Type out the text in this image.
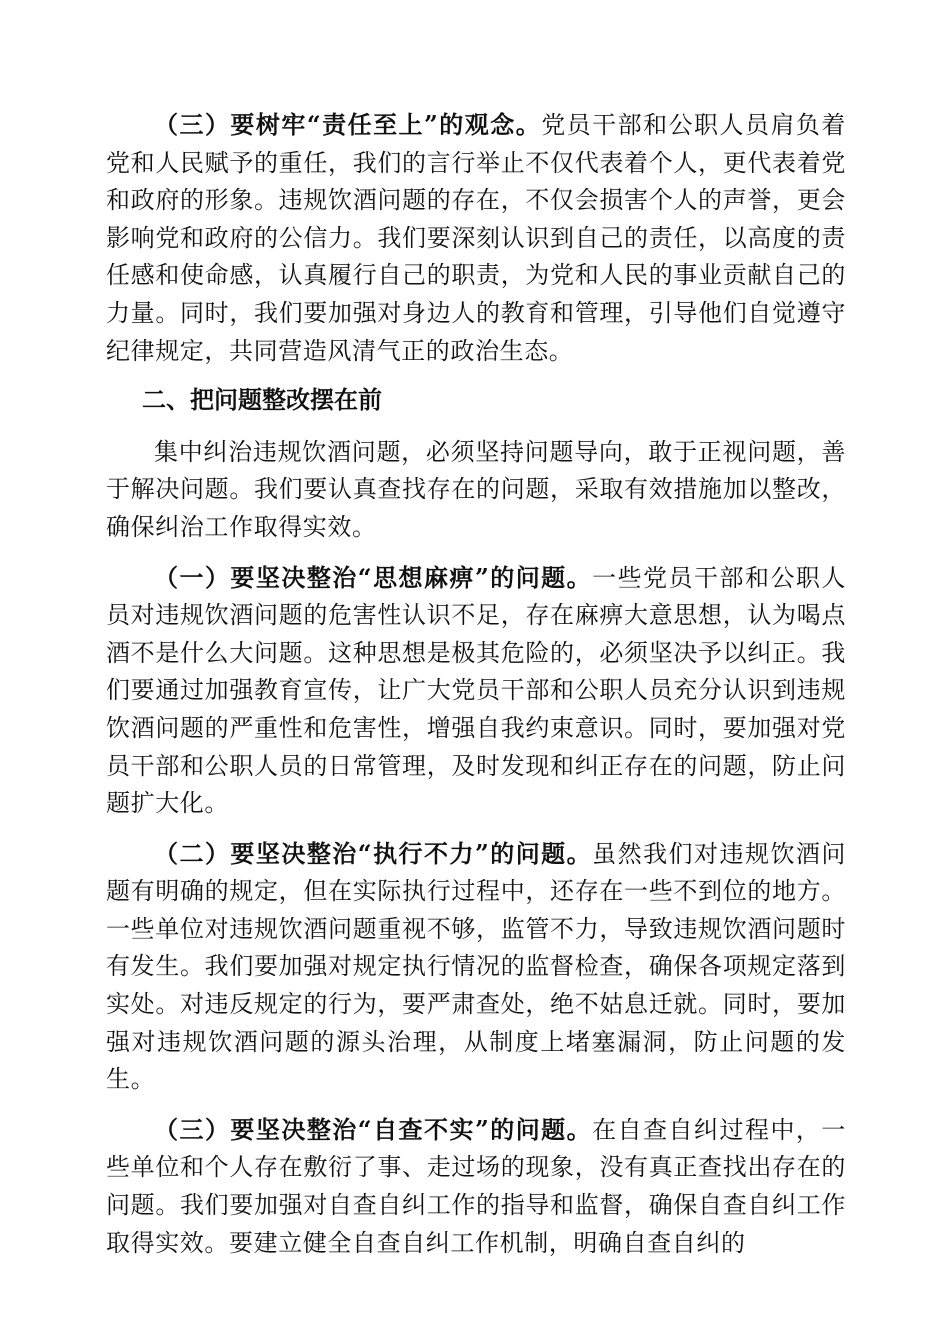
（三）要树牢“责任至上”的观念。党员干部和公职人员肩负着党和人民赋予的重任，我们的言行举止不仅代表着个人，更代表着党和政府的形象。违规饮酒问题的存在，不仅会损害个人的声誉，更会影响党和政府的公信力。我们要深刻认识到自己的责任，以高度的责任感和使命感，认真履行自己的职责，为党和人民的事业贡献自己的力量。同时，我们要加强对身边人的教育和管理，引导他们自觉遵守纪律规定，共同营造风清气正的政治生态。

二、把问题整改摆在前

集中纠治违规饮酒问题，必须坚持问题导向，敢于正视问题，善于解决问题。我们要认真查找存在的问题，采取有效措施加以整改，确保纠治工作取得实效。

（一）要坚决整治“思想麻痹”的问题。一些党员干部和公职人员对违规饮酒问题的危害性认识不足，存在麻痹大意思想，认为喝点酒不是什么大问题。这种思想是极其危险的，必须坚决予以纠正。我们要通过加强教育宣传，让广大党员干部和公职人员充分认识到违规饮酒问题的严重性和危害性，增强自我约束意识。同时，要加强对党员干部和公职人员的日常管理，及时发现和纠正存在的问题，防止问题扩大化。

（二）要坚决整治“执行不力”的问题。虽然我们对违规饮酒问题有明确的规定，但在实际执行过程中，还存在一些不到位的地方。一些单位对违规饮酒问题重视不够，监管不力，导致违规饮酒问题时有发生。我们要加强对规定执行情况的监督检查，确保各项规定落到实处。对违反规定的行为，要严肃查处，绝不姑息迁就。同时，要加强对违规饮酒问题的源头治理，从制度上堵塞漏洞，防止问题的发生。

（三）要坚决整治“自查不实”的问题。在自查自纠过程中，一些单位和个人存在敷衍了事、走过场的现象，没有真正查找出存在的问题。我们要加强对自查自纠工作的指导和监督，确保自查自纠工作取得实效。要建立健全自查自纠工作机制，明确自查自纠的
